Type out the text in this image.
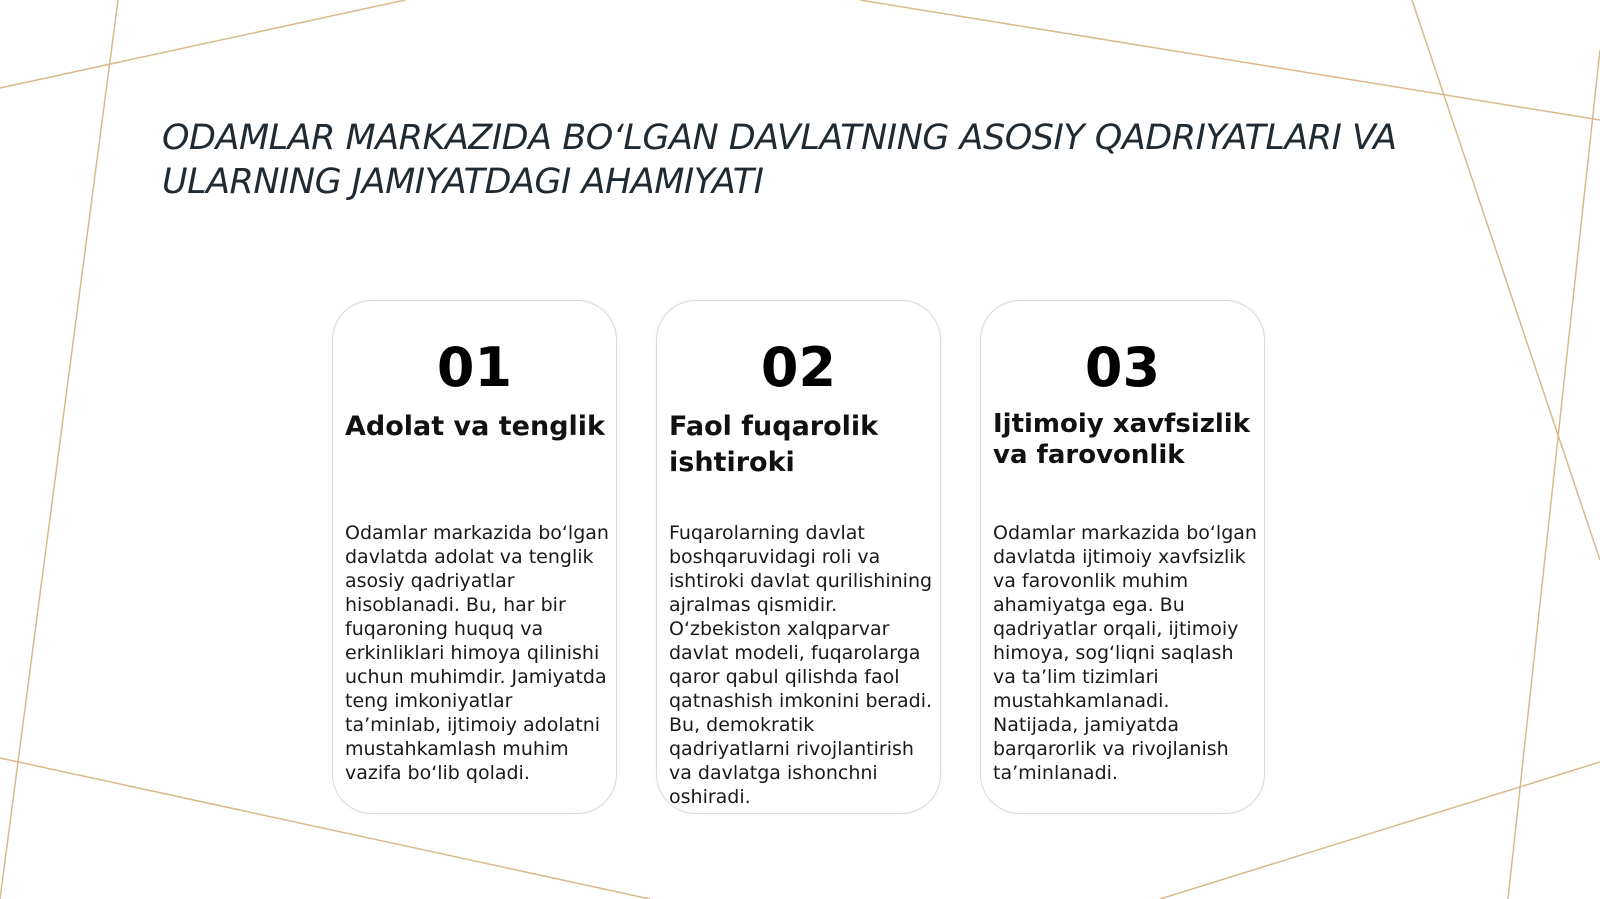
ODAMLAR MARKAZIDA BO‘LGAN DAVLATNING ASOSIY QADRIYATLARI VA ULARNING JAMIYATDAGI AHAMIYATI
01
Adolat va tenglik

Odamlar markazida bo‘lgan davlatda adolat va tenglik asosiy qadriyatlar hisoblanadi. Bu, har bir fuqaroning huquq va erkinliklari himoya qilinishi uchun muhimdir. Jamiyatda teng imkoniyatlar ta’minlab, ijtimoiy adolatni mustahkamlash muhim vazifa bo‘lib qoladi.

02
Faol fuqarolik ishtiroki

Fuqarolarning davlat boshqaruvidagi roli va ishtiroki davlat qurilishining ajralmas qismidir. O‘zbekiston xalqparvar davlat modeli, fuqarolarga qaror qabul qilishda faol qatnashish imkonini beradi. Bu, demokratik qadriyatlarni rivojlantirish va davlatga ishonchni oshiradi.

03
Ijtimoiy xavfsizlik va farovonlik

Odamlar markazida bo‘lgan davlatda ijtimoiy xavfsizlik va farovonlik muhim ahamiyatga ega. Bu qadriyatlar orqali, ijtimoiy himoya, sog‘liqni saqlash va ta’lim tizimlari mustahkamlanadi. Natijada, jamiyatda barqarorlik va rivojlanish ta’minlanadi.
